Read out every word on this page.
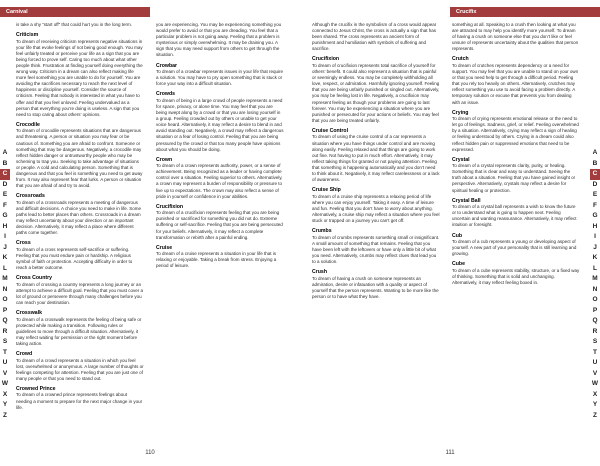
Carnival
is take a shy “start off” that could hurt you in the long term.
Criticism
To dream of receiving criticism represents negative situations in your life that evoke feelings of not being good enough. You may feel unfairly treated or perceive your life as a sign that you are being forced to prove self. Caring too much about what other people think. Frustration at finding yourself doing everything the wrong way. Criticism in a dream can also reflect making life more feel something you are unable to do for yourself. You are avoiding the sacrifices necessary to reach the next level of happiness or discipline yourself. Consider the source of criticism. Feeling that nobody is interested in what you have to offer and that you feel unloved. Feeling undervalued as a person that everything you’re doing is useless. A sign that you need to stop caring about others’ opinions.
Crocodile
To dream of crocodile represents situations that are dangerous and threatening. A person or situation you may fear or be cautious of. Something you are afraid to confront. Someone or something that may be dangerous. Negatively, a crocodile may reflect hidden danger or untrustworthy people who may be scheming to trap you. Seeking to take advantage of situations or people. A cold and calculating person. Something that is dangerous and that you feel is something you need to get away from. It may also represent fear that lurks. A person or situation that you are afraid of and try to avoid.
Crossroads
To dream of a crossroads represents a meeting of dangerous and difficult decisions. A choice you need to make in life. Some paths lead to better places than others. Crossroads in a dream may reflect uncertainty about your direction or an important decision. Alternatively, it may reflect a place where different paths come together.
Cross
To dream of a cross represents self-sacrifice or suffering. Feeling that you must endure pain or hardship. A religious symbol of faith or protection. Accepting difficulty in order to reach a better outcome.
Cross Country
To dream of crossing a country represents a long journey or an attempt to achieve a difficult goal. Feeling that you must cover a lot of ground or persevere through many challenges before you can reach your destination.
Crosswalk
To dream of a crosswalk represents the feeling of being safe or protected while making a transition. Following rules or guidelines to move through a difficult situation. Alternatively, it may reflect waiting for permission or the right moment before taking action.
Crowd
To dream of a crowd represents a situation in which you feel lost, overwhelmed or anonymous. A large number of thoughts or feelings competing for attention. Feeling that you are just one of many people or that you need to stand out.
Crowned Prince
To dream of a crowned prince represents feelings about needing a moment to prepare for the next major change in your life.
you are experiencing. You may be experiencing something you would prefer to avoid or that you are dreading. You feel that a particular problem is not going away. Feeling that a problem is mysterious or simply overwhelming. It may be draining you. A sign that you may need support from others to get through the situation.
Crowbar
To dream of a crowbar represents issues in your life that require a solution. You may have to pry open something that is stuck or force your way into a difficult situation.
Crowds
To dream of being in a large crowd of people represents a need for space, privacy, or alone time. You may feel that you are being swept along by a crowd or that you are losing yourself in a group. Feeling crowded out by others or unable to get your voice heard. Alternatively, it may reflect a desire to blend in and avoid standing out. Negatively, a crowd may reflect a dangerous situation or a fear of losing control. Feeling that you are being pressured by the crowd or that too many people have opinions about what you should be doing.
Crown
To dream of a crown represents authority, power, or a sense of achievement. Being recognized as a leader or having complete control over a situation. Feeling superior to others. Alternatively, a crown may represent a burden of responsibility or pressure to live up to expectations. The crown may also reflect a sense of pride in yourself or confidence in your abilities.
Crucifixion
To dream of a crucifixion represents feeling that you are being punished or sacrificed for something you did not do. Extreme suffering or self-sacrifice. Feeling that you are being persecuted for your beliefs. Alternatively, it may reflect a complete transformation or rebirth after a painful ending.
Cruise
To dream of a cruise represents a situation in your life that is relaxing or enjoyable. Taking a break from stress. Enjoying a period of leisure.
A
B
C
D
E
F
G
H
I
J
K
L
M
N
O
P
Q
R
S
T
U
V
W
X
Y
Z
110
Crucifix
Although the crucifix in the symbolism of a cross would appear connected to Jesus Christ, the cross is actually a sign that has been shared. The cross represents an ancient form of punishment and humiliation with symbols of suffering and sacrifice.
Crucifixion
To dream of crucifixion represents total sacrifice of yourself for others’ benefit. It could also represent a situation that is painful or seemingly endless. You may be completely withholding all love, respect, or admiration. Harmfully ignoring yourself. Feeling that you are being unfairly punished or singled out. Alternatively, you may be feeling lost in life. Negatively, a crucifixion may represent feeling as though your problems are going to last forever. You may be experiencing a situation where you are punished or persecuted for your actions or beliefs. You may feel that you are being treated unfairly.
Cruise Control
To dream of using the cruise control of a car represents a situation where you have things under control and are moving along easily. Feeling relaxed and that things are going to work out fine. Not having to put in much effort. Alternatively, it may reflect taking things for granted or not paying attention. Feeling that something is happening automatically and you don’t need to think about it. Negatively, it may reflect carelessness or a lack of awareness.
Cruise Ship
To dream of a cruise ship represents a relaxing period of life where you can enjoy yourself. Taking it easy. A time of leisure and fun. Feeling that you don’t have to worry about anything. Alternatively, a cruise ship may reflect a situation where you feel stuck or trapped on a journey you can’t get off.
Crumbs
To dream of crumbs represents something small or insignificant. A small amount of something that remains. Feeling that you have been left with the leftovers or have only a little bit of what you need. Alternatively, crumbs may reflect clues that lead you to a solution.
Crush
To dream of having a crush on someone represents an admiration, desire or infatuation with a quality or aspect of yourself that the person represents. Wanting to be more like the person or to have what they have.
something at all. Speaking to a crush then looking at what you are attracted to may help you identify more yourself. To dream of having a crush on someone else that you don’t like or feel unsure of represents uncertainty about the qualities that person represents.
Crutch
To dream of crutches represents dependency or a need for support. You may feel that you are unable to stand on your own or that you need help to get through a difficult period. Feeling that you rely too heavily on others. Alternatively, crutches may reflect something you use to avoid facing a problem directly. A temporary solution or excuse that prevents you from dealing with an issue.
Crying
To dream of crying represents emotional release or the need to let go of feelings. Sadness, grief, or relief. Feeling overwhelmed by a situation. Alternatively, crying may reflect a sign of healing or feeling understood by others. Crying in a dream could also reflect hidden pain or suppressed emotions that need to be expressed.
Crystal
To dream of a crystal represents clarity, purity, or healing. Something that is clear and easy to understand. Seeing the truth about a situation. Feeling that you have gained insight or perspective. Alternatively, crystals may reflect a desire for spiritual healing or protection.
Crystal Ball
To dream of a crystal ball represents a wish to know the future or to understand what is going to happen next. Feeling uncertain and wanting reassurance. Alternatively, it may reflect intuition or foresight.
Cub
To dream of a cub represents a young or developing aspect of yourself. A new part of your personality that is still learning and growing.
Cube
To dream of a cube represents stability, structure, or a fixed way of thinking. Something that is solid and unchanging. Alternatively, it may reflect feeling boxed in.
A
B
C
D
E
F
G
H
I
J
K
L
M
N
O
P
Q
R
S
T
U
V
W
X
Y
Z
111
